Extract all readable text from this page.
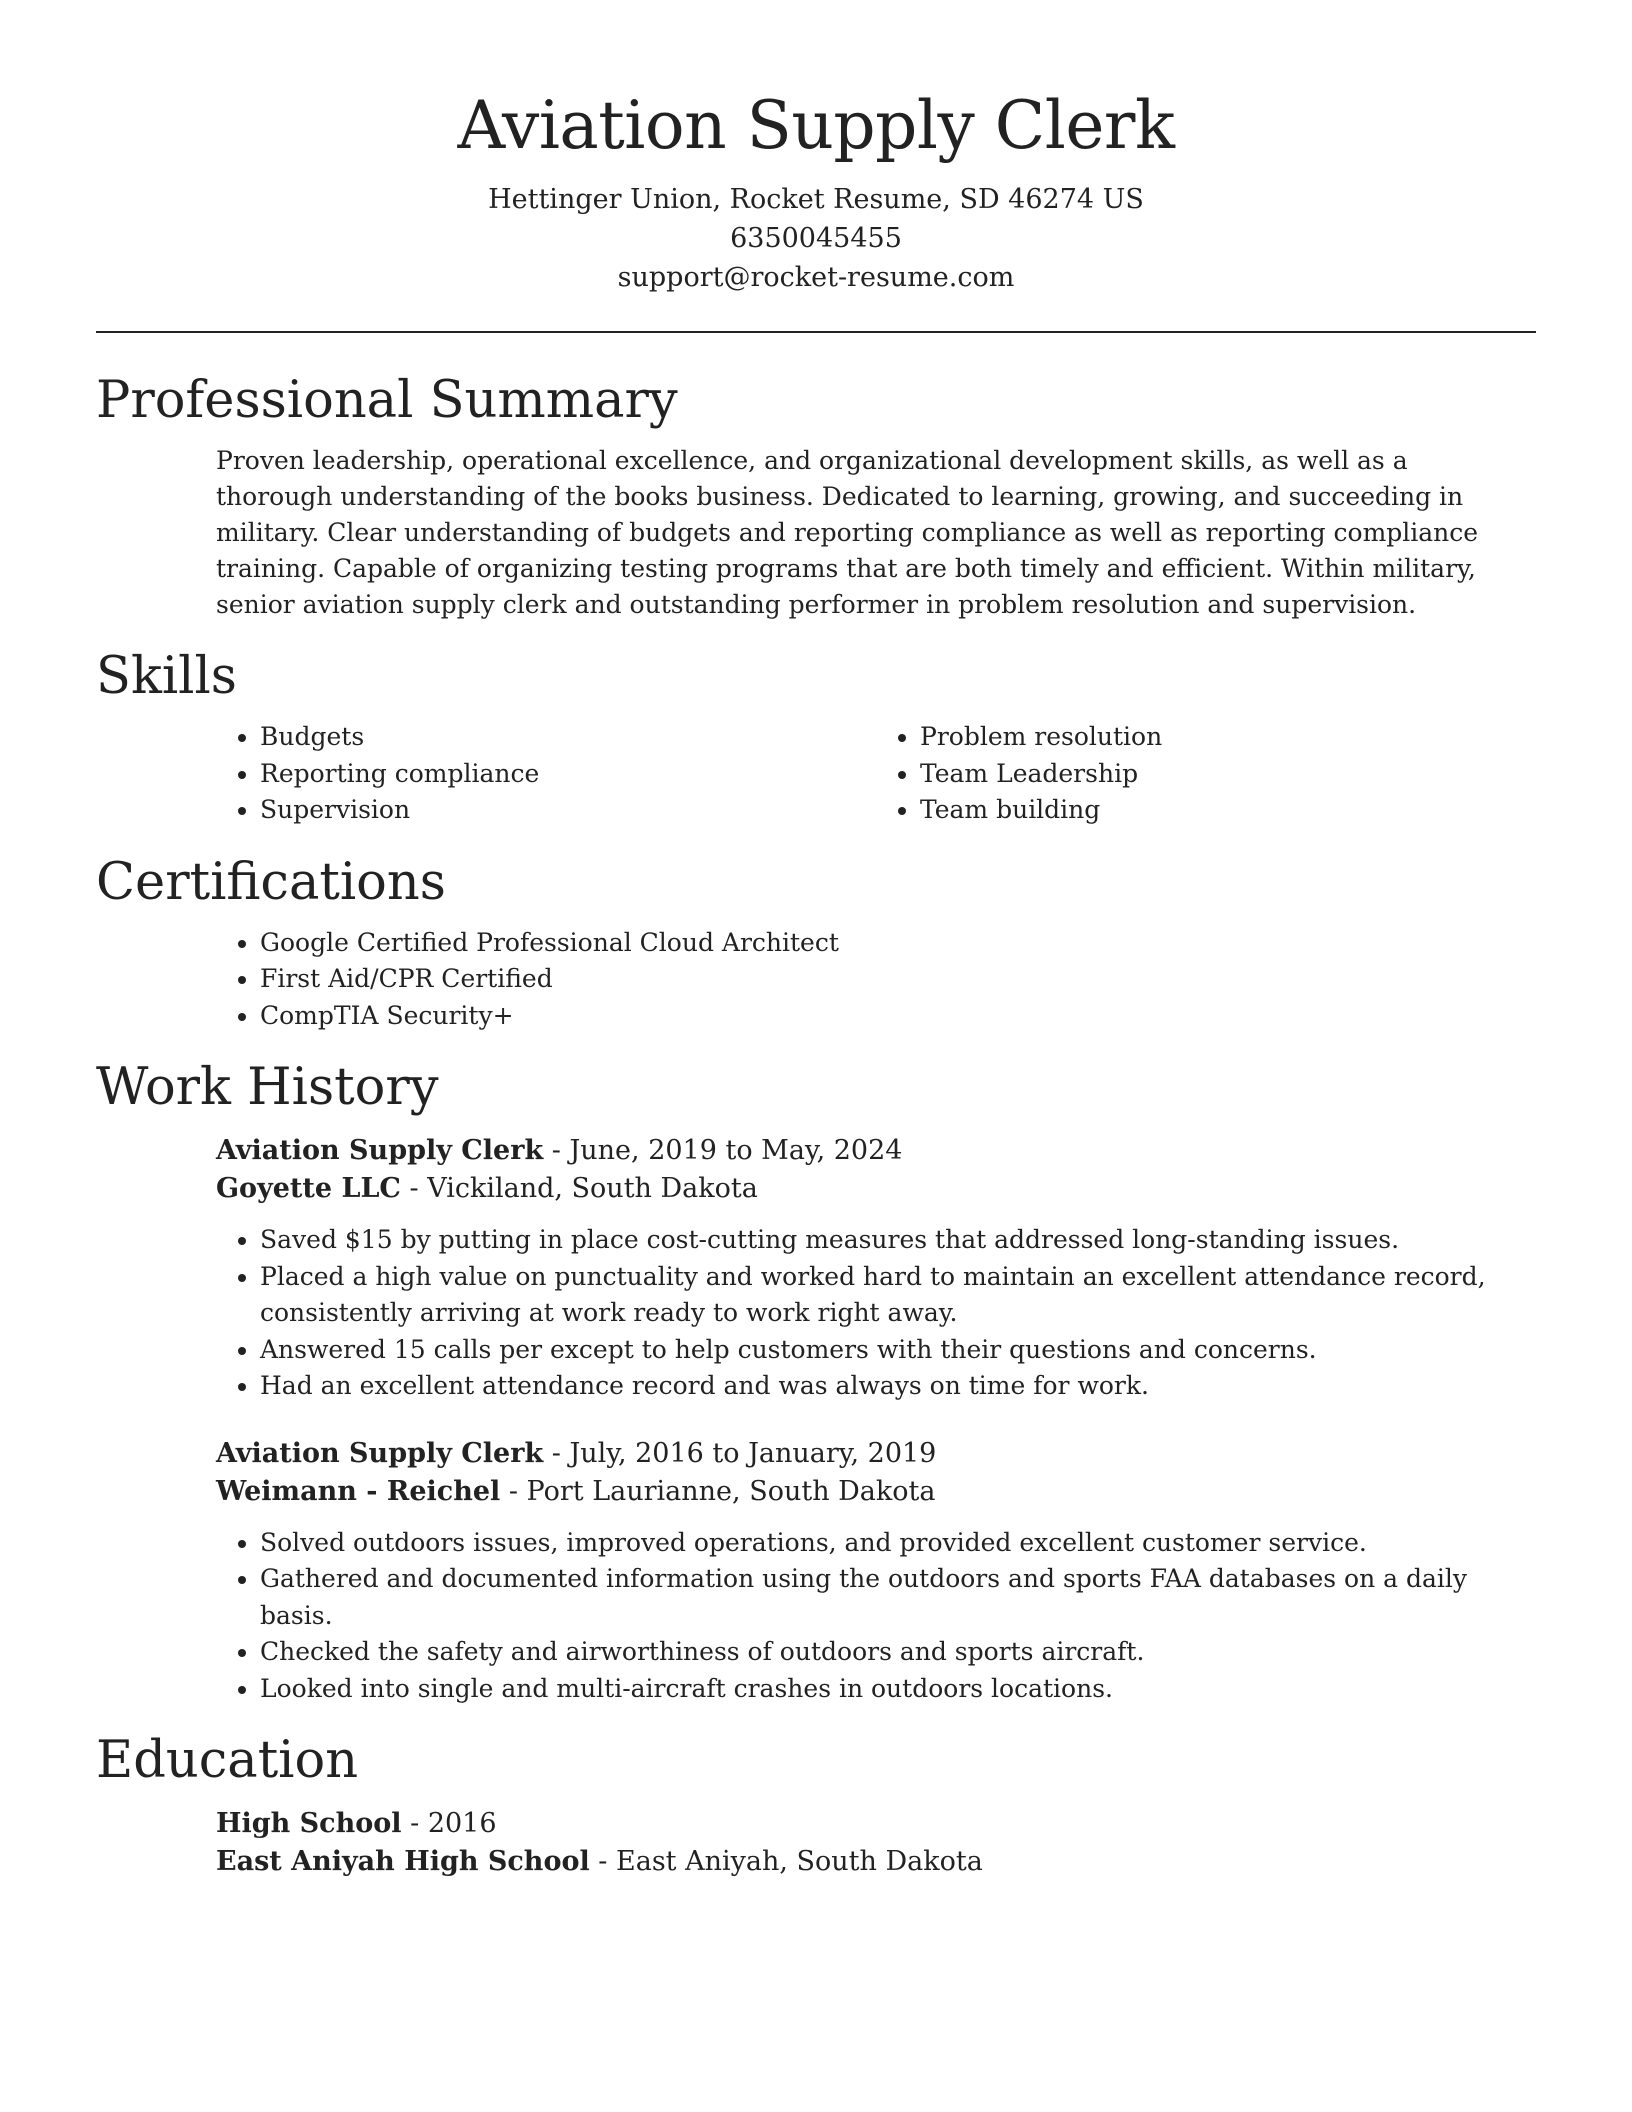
Aviation Supply Clerk
Hettinger Union, Rocket Resume, SD 46274 US
6350045455
support@rocket-resume.com
Professional Summary
Proven leadership, operational excellence, and organizational development skills, as well as a thorough understanding of the books business. Dedicated to learning, growing, and succeeding in military. Clear understanding of budgets and reporting compliance as well as reporting compliance training. Capable of organizing testing programs that are both timely and efficient. Within military, senior aviation supply clerk and outstanding performer in problem resolution and supervision.
Skills
• Budgets
• Reporting compliance
• Supervision
• Problem resolution
• Team Leadership
• Team building
Certifications
• Google Certified Professional Cloud Architect
• First Aid/CPR Certified
• CompTIA Security+
Work History
Aviation Supply Clerk - June, 2019 to May, 2024
Goyette LLC - Vickiland, South Dakota
• Saved $15 by putting in place cost-cutting measures that addressed long-standing issues.
• Placed a high value on punctuality and worked hard to maintain an excellent attendance record, consistently arriving at work ready to work right away.
• Answered 15 calls per except to help customers with their questions and concerns.
• Had an excellent attendance record and was always on time for work.
Aviation Supply Clerk - July, 2016 to January, 2019
Weimann - Reichel - Port Laurianne, South Dakota
• Solved outdoors issues, improved operations, and provided excellent customer service.
• Gathered and documented information using the outdoors and sports FAA databases on a daily basis.
• Checked the safety and airworthiness of outdoors and sports aircraft.
• Looked into single and multi-aircraft crashes in outdoors locations.
Education
High School - 2016
East Aniyah High School - East Aniyah, South Dakota
